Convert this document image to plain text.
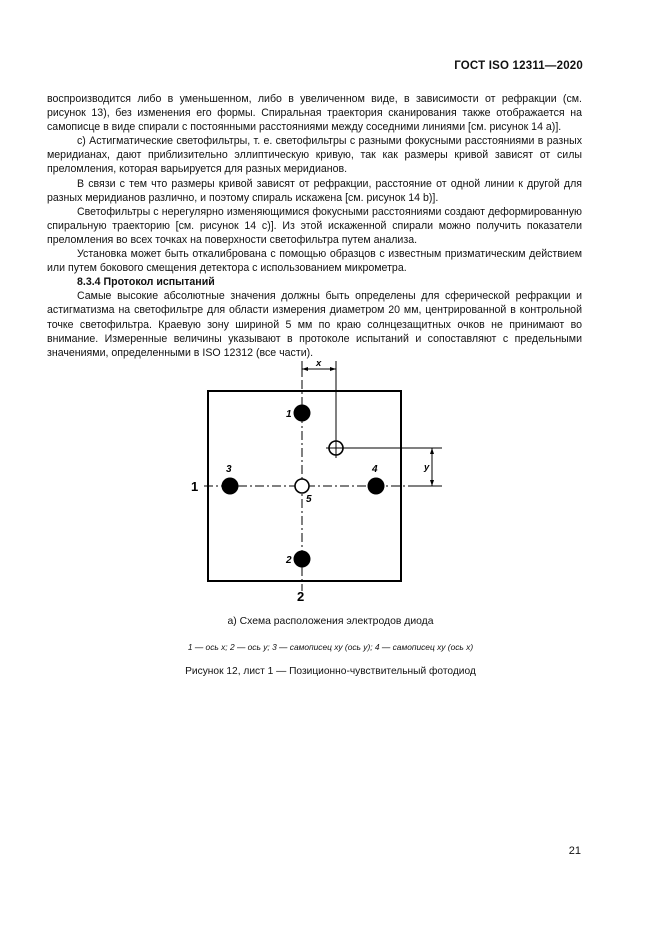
ГОСТ ISO 12311—2020

воспроизводится либо в уменьшенном, либо в увеличенном виде, в зависимости от рефракции (см. рисунок 13), без изменения его формы. Спиральная траектория сканирования также отображается на самописце в виде спирали с постоянными расстояниями между соседними линиями [см. рисунок 14 а)].

с) Астигматические светофильтры, т. е. светофильтры с разными фокусными расстояниями в разных меридианах, дают приблизительно эллиптическую кривую, так как размеры кривой зависят от силы преломления, которая варьируется для разных меридианов.

В связи с тем что размеры кривой зависят от рефракции, расстояние от одной линии к другой для разных меридианов различно, и поэтому спираль искажена [см. рисунок 14 b)].

Светофильтры с нерегулярно изменяющимися фокусными расстояниями создают деформированную спиральную траекторию [см. рисунок 14 с)]. Из этой искаженной спирали можно получить показатели преломления во всех точках на поверхности светофильтра путем анализа.

Установка может быть откалибрована с помощью образцов с известным призматическим действием или путем бокового смещения детектора с использованием микрометра.

8.3.4 Протокол испытаний

Самые высокие абсолютные значения должны быть определены для сферической рефракции и астигматизма на светофильтре для области измерения диаметром 20 мм, центрированной в контрольной точке светофильтра. Краевую зону шириной 5 мм по краю солнцезащитных очков не принимают во внимание. Измеренные величины указывают в протоколе испытаний и сопоставляют с предельными значениями, определенными в ISO 12312 (все части).

x
y
1
2
3	4
5
1
2

а) Схема расположения электродов диода

1 — ось x; 2 — ось y; 3 — самописец xy (ось y); 4 — самописец xy (ось x)

Рисунок 12, лист 1 — Позиционно-чувствительный фотодиод

21
